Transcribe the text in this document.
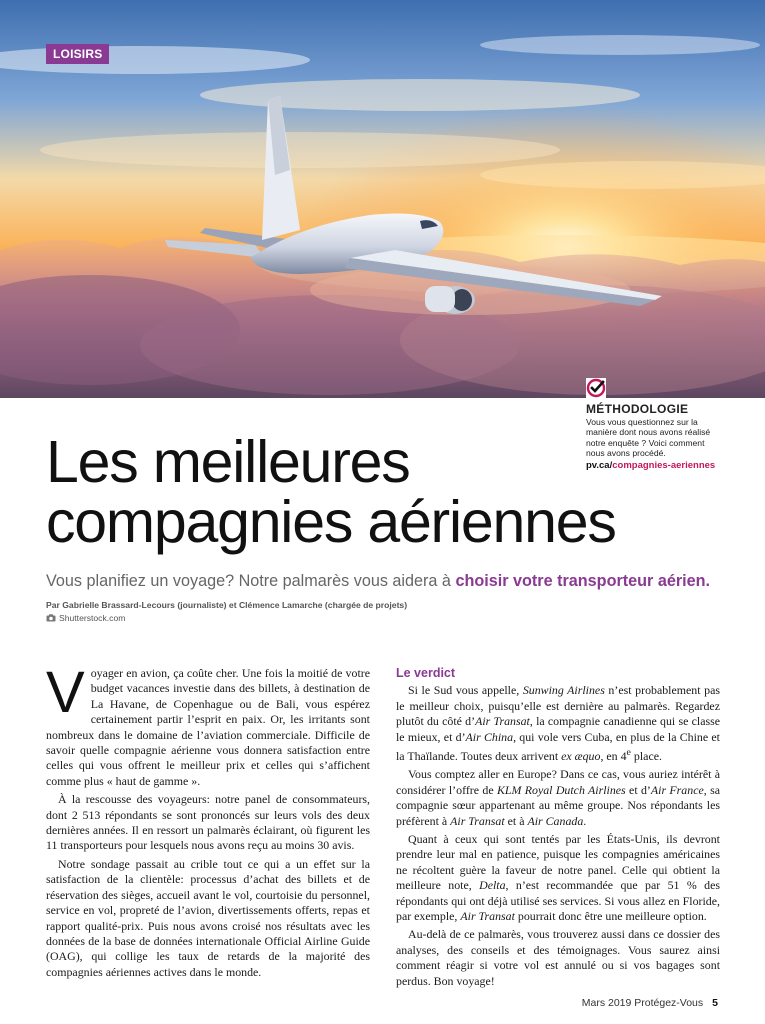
LOISIRS
MÉTHODOLOGIE
Vous vous questionnez sur la
manière dont nous avons réalisé
notre enquête ? Voici comment
nous avons procédé.
pv.ca/compagnies-aeriennes
Les meilleures
compagnies aériennes
Vous planifiez un voyage? Notre palmarès vous aidera à choisir votre transporteur aérien.
Par Gabrielle Brassard-Lecours (journaliste) et Clémence Lamarche (chargée de projets)
Shutterstock.com

Voyager en avion, ça coûte cher. Une fois la moitié de votre budget vacances investie dans des billets, à destination de La Havane, de Copenhague ou de Bali, vous espérez certainement partir l’esprit en paix. Or, les irritants sont nombreux dans le domaine de l’aviation commerciale. Difficile de savoir quelle compagnie aérienne vous donnera satisfaction entre celles qui vous offrent le meilleur prix et celles qui s’affichent comme plus « haut de gamme ».

À la rescousse des voyageurs: notre panel de consommateurs, dont 2 513 répondants se sont prononcés sur leurs vols des deux dernières années. Il en ressort un palmarès éclairant, où figurent les 11 transporteurs pour lesquels nous avons reçu au moins 30 avis.

Notre sondage passait au crible tout ce qui a un effet sur la satisfaction de la clientèle: processus d’achat des billets et de réservation des sièges, accueil avant le vol, courtoisie du personnel, service en vol, propreté de l’avion, divertissements offerts, repas et rapport qualité-prix. Puis nous avons croisé nos résultats avec les données de la base de données internationale Official Airline Guide (OAG), qui collige les taux de retards de la majorité des compagnies aériennes actives dans le monde.

Le verdict

Si le Sud vous appelle, Sunwing Airlines n’est probablement pas le meilleur choix, puisqu’elle est dernière au palmarès. Regardez plutôt du côté d’Air Transat, la compagnie canadienne qui se classe le mieux, et d’Air China, qui vole vers Cuba, en plus de la Chine et la Thaïlande. Toutes deux arrivent ex æquo, en 4e place.

Vous comptez aller en Europe? Dans ce cas, vous auriez intérêt à considérer l’offre de KLM Royal Dutch Airlines et d’Air France, sa compagnie sœur appartenant au même groupe. Nos répondants les préfèrent à Air Transat et à Air Canada.

Quant à ceux qui sont tentés par les États-Unis, ils devront prendre leur mal en patience, puisque les compagnies américaines ne récoltent guère la faveur de notre panel. Celle qui obtient la meilleure note, Delta, n’est recommandée que par 51 % des répondants qui ont déjà utilisé ses services. Si vous allez en Floride, par exemple, Air Transat pourrait donc être une meilleure option.

Au-delà de ce palmarès, vous trouverez aussi dans ce dossier des analyses, des conseils et des témoignages. Vous saurez ainsi comment réagir si votre vol est annulé ou si vos bagages sont perdus. Bon voyage!

Mars 2019 Protégez-Vous 5
